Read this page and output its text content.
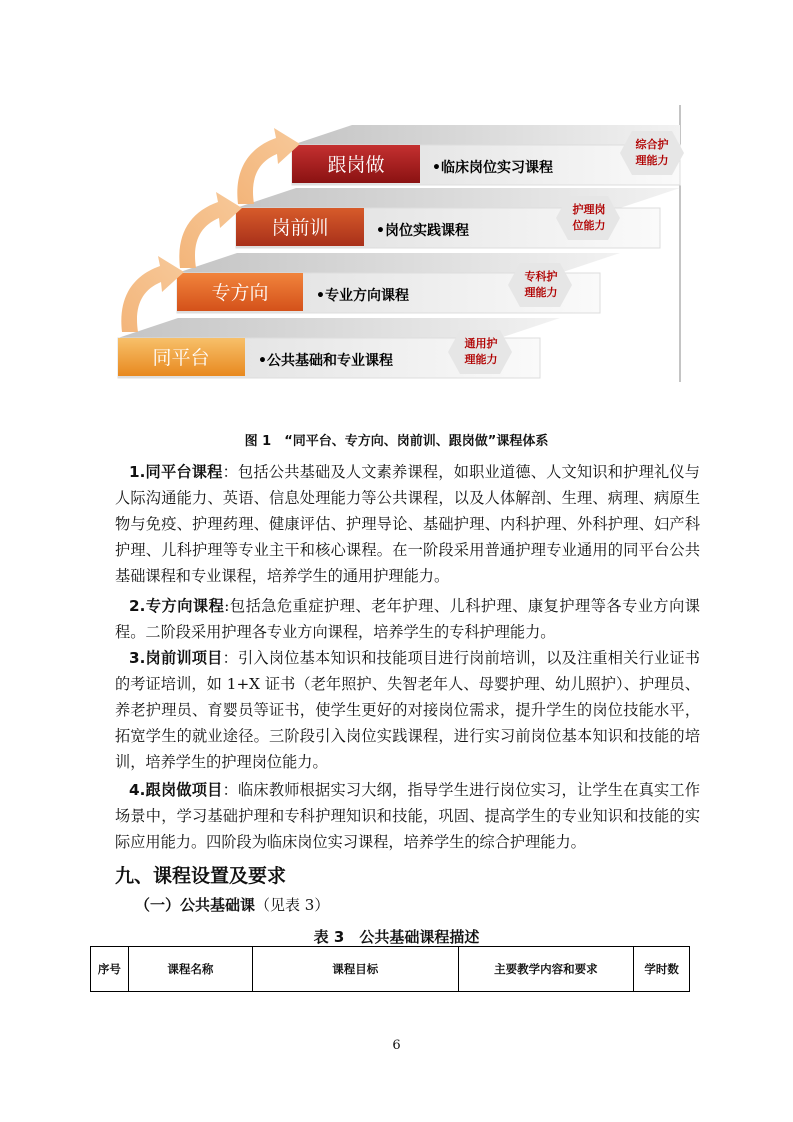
同平台	•公共基础和专业课程
通用护
理能力
专方向	•专业方向课程
专科护
理能力
岗前训	•岗位实践课程
护理岗
位能力
跟岗做	•临床岗位实习课程
综合护
理能力
图 1　“同平台、专方向、岗前训、跟岗做”课程体系
1.同平台课程：包括公共基础及人文素养课程，如职业道德、人文知识和护理礼仪与人际沟通能力、英语、信息处理能力等公共课程，以及人体解剖、生理、病理、病原生物与免疫、护理药理、健康评估、护理导论、基础护理、内科护理、外科护理、妇产科护理、儿科护理等专业主干和核心课程。在一阶段采用普通护理专业通用的同平台公共基础课程和专业课程，培养学生的通用护理能力。
2.专方向课程:包括急危重症护理、老年护理、儿科护理、康复护理等各专业方向课程。二阶段采用护理各专业方向课程，培养学生的专科护理能力。
3.岗前训项目：引入岗位基本知识和技能项目进行岗前培训，以及注重相关行业证书的考证培训，如 1+X 证书（老年照护、失智老年人、母婴护理、幼儿照护）、护理员、养老护理员、育婴员等证书，使学生更好的对接岗位需求，提升学生的岗位技能水平，拓宽学生的就业途径。三阶段引入岗位实践课程，进行实习前岗位基本知识和技能的培训，培养学生的护理岗位能力。
4.跟岗做项目：临床教师根据实习大纲，指导学生进行岗位实习，让学生在真实工作场景中，学习基础护理和专科护理知识和技能，巩固、提高学生的专业知识和技能的实际应用能力。四阶段为临床岗位实习课程，培养学生的综合护理能力。
九、课程设置及要求
（一）公共基础课（见表 3）
表 3　公共基础课程描述
序号	课程名称	课程目标	主要教学内容和要求	学时数
6
